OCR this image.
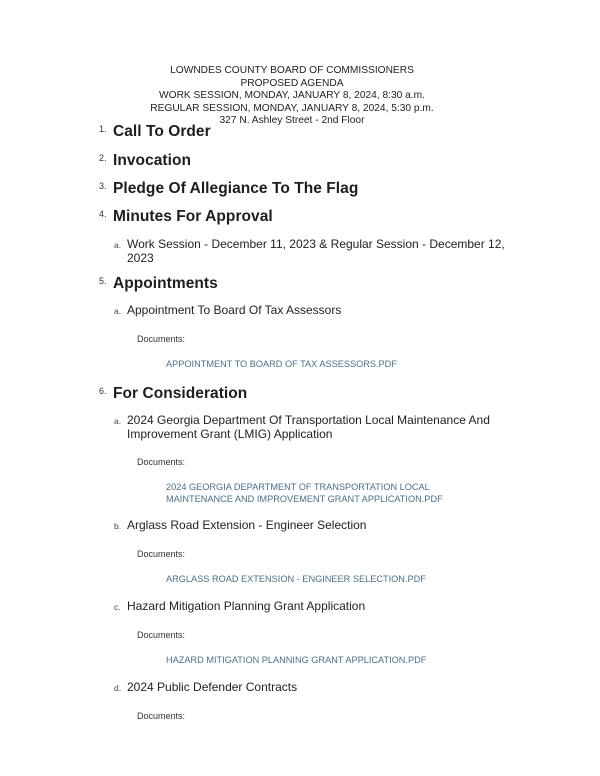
LOWNDES COUNTY BOARD OF COMMISSIONERS
PROPOSED AGENDA
WORK SESSION, MONDAY, JANUARY 8, 2024, 8:30 a.m.
REGULAR SESSION, MONDAY, JANUARY 8, 2024, 5:30 p.m.
327 N. Ashley Street - 2nd Floor
1. Call To Order
2. Invocation
3. Pledge Of Allegiance To The Flag
4. Minutes For Approval
a. Work Session - December 11, 2023 & Regular Session - December 12,
2023
5. Appointments
a. Appointment To Board Of Tax Assessors
Documents:
APPOINTMENT TO BOARD OF TAX ASSESSORS.PDF
6. For Consideration
a. 2024 Georgia Department Of Transportation Local Maintenance And
Improvement Grant (LMIG) Application
Documents:
2024 GEORGIA DEPARTMENT OF TRANSPORTATION LOCAL
MAINTENANCE AND IMPROVEMENT GRANT APPLICATION.PDF
b. Arglass Road Extension - Engineer Selection
Documents:
ARGLASS ROAD EXTENSION - ENGINEER SELECTION.PDF
c. Hazard Mitigation Planning Grant Application
Documents:
HAZARD MITIGATION PLANNING GRANT APPLICATION.PDF
d. 2024 Public Defender Contracts
Documents:
